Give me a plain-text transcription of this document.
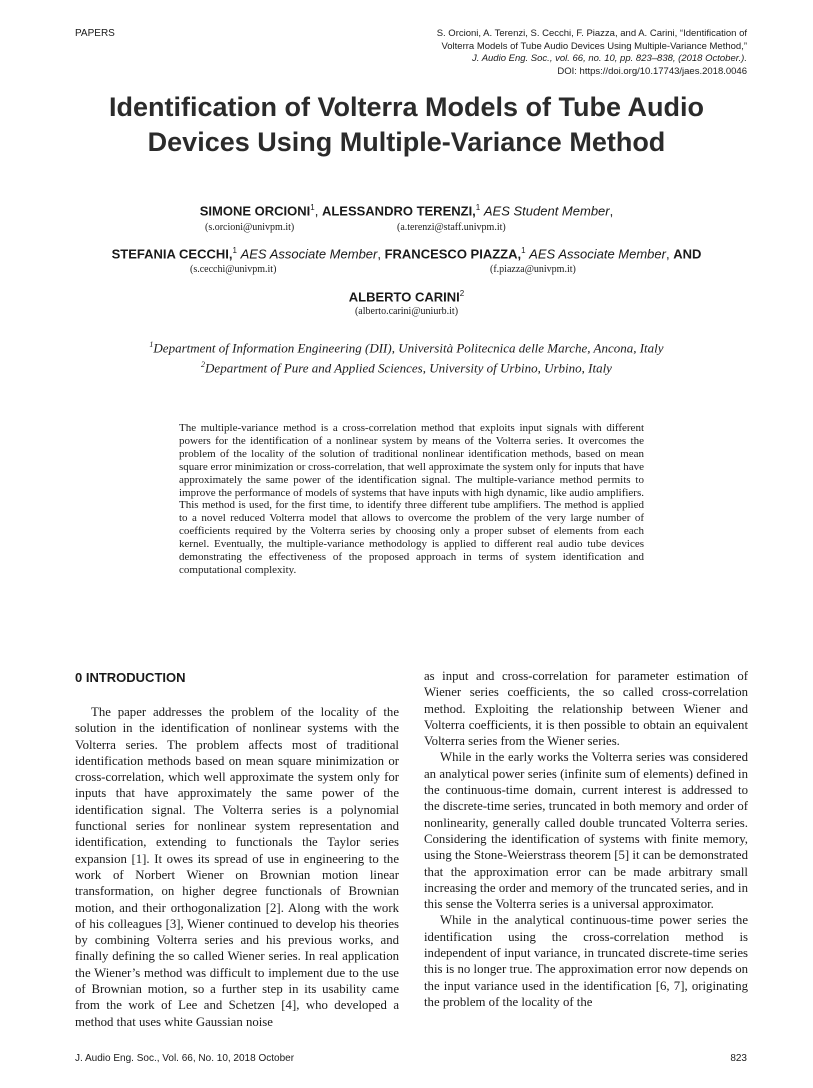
PAPERS	S. Orcioni, A. Terenzi, S. Cecchi, F. Piazza, and A. Carini, “Identification of
Volterra Models of Tube Audio Devices Using Multiple-Variance Method,”
J. Audio Eng. Soc., vol. 66, no. 10, pp. 823–838, (2018 October.).
DOI: https://doi.org/10.17743/jaes.2018.0046
Identification of Volterra Models of Tube Audio
Devices Using Multiple-Variance Method
SIMONE ORCIONI$^1$, ALESSANDRO TERENZI,$^1$ AES Student Member,
(s.orcioni@univpm.it)	(a.terenzi@staff.univpm.it)
STEFANIA CECCHI,$^1$ AES Associate Member, FRANCESCO PIAZZA,$^1$ AES Associate Member, AND
(s.cecchi@univpm.it)	(f.piazza@univpm.it)
ALBERTO CARINI$^2$
(alberto.carini@uniurb.it)
$^1$Department of Information Engineering (DII), Università Politecnica delle Marche, Ancona, Italy
$^2$Department of Pure and Applied Sciences, University of Urbino, Urbino, Italy
The multiple-variance method is a cross-correlation method that exploits input signals with different powers for the identification of a nonlinear system by means of the Volterra series. It overcomes the problem of the locality of the solution of traditional nonlinear identification methods, based on mean square error minimization or cross-correlation, that well approximate the system only for inputs that have approximately the same power of the identification signal. The multiple-variance method permits to improve the performance of models of systems that have inputs with high dynamic, like audio amplifiers. This method is used, for the first time, to identify three different tube amplifiers. The method is applied to a novel reduced Volterra model that allows to overcome the problem of the very large number of coefficients required by the Volterra series by choosing only a proper subset of elements from each kernel. Eventually, the multiple-variance methodology is applied to different real audio tube devices demonstrating the effectiveness of the proposed approach in terms of system identification and computational complexity.
0 INTRODUCTION

The paper addresses the problem of the locality of the solution in the identification of nonlinear systems with the Volterra series. The problem affects most of traditional identification methods based on mean square minimization or cross-correlation, which well approximate the system only for inputs that have approximately the same power of the identification signal. The Volterra series is a polynomial functional series for nonlinear system representation and identification, extending to functionals the Taylor series expansion [1]. It owes its spread of use in engineering to the work of Norbert Wiener on Brownian motion linear transformation, on higher degree functionals of Brownian motion, and their orthogonalization [2]. Along with the work of his colleagues [3], Wiener continued to develop his theories by combining Volterra series and his previous works, and finally defining the so called Wiener series. In real application the Wiener’s method was difficult to implement due to the use of Brownian motion, so a further step in its usability came from the work of Lee and Schetzen [4], who developed a method that uses white Gaussian noise

as input and cross-correlation for parameter estimation of Wiener series coefficients, the so called cross-correlation method. Exploiting the relationship between Wiener and Volterra coefficients, it is then possible to obtain an equivalent Volterra series from the Wiener series.

While in the early works the Volterra series was considered an analytical power series (infinite sum of elements) defined in the continuous-time domain, current interest is addressed to the discrete-time series, truncated in both memory and order of nonlinearity, generally called double truncated Volterra series. Considering the identification of systems with finite memory, using the Stone-Weierstrass theorem [5] it can be demonstrated that the approximation error can be made arbitrary small increasing the order and memory of the truncated series, and in this sense the Volterra series is a universal approximator.

While in the analytical continuous-time power series the identification using the cross-correlation method is independent of input variance, in truncated discrete-time series this is no longer true. The approximation error now depends on the input variance used in the identification [6, 7], originating the problem of the locality of the

J. Audio Eng. Soc., Vol. 66, No. 10, 2018 October	823
